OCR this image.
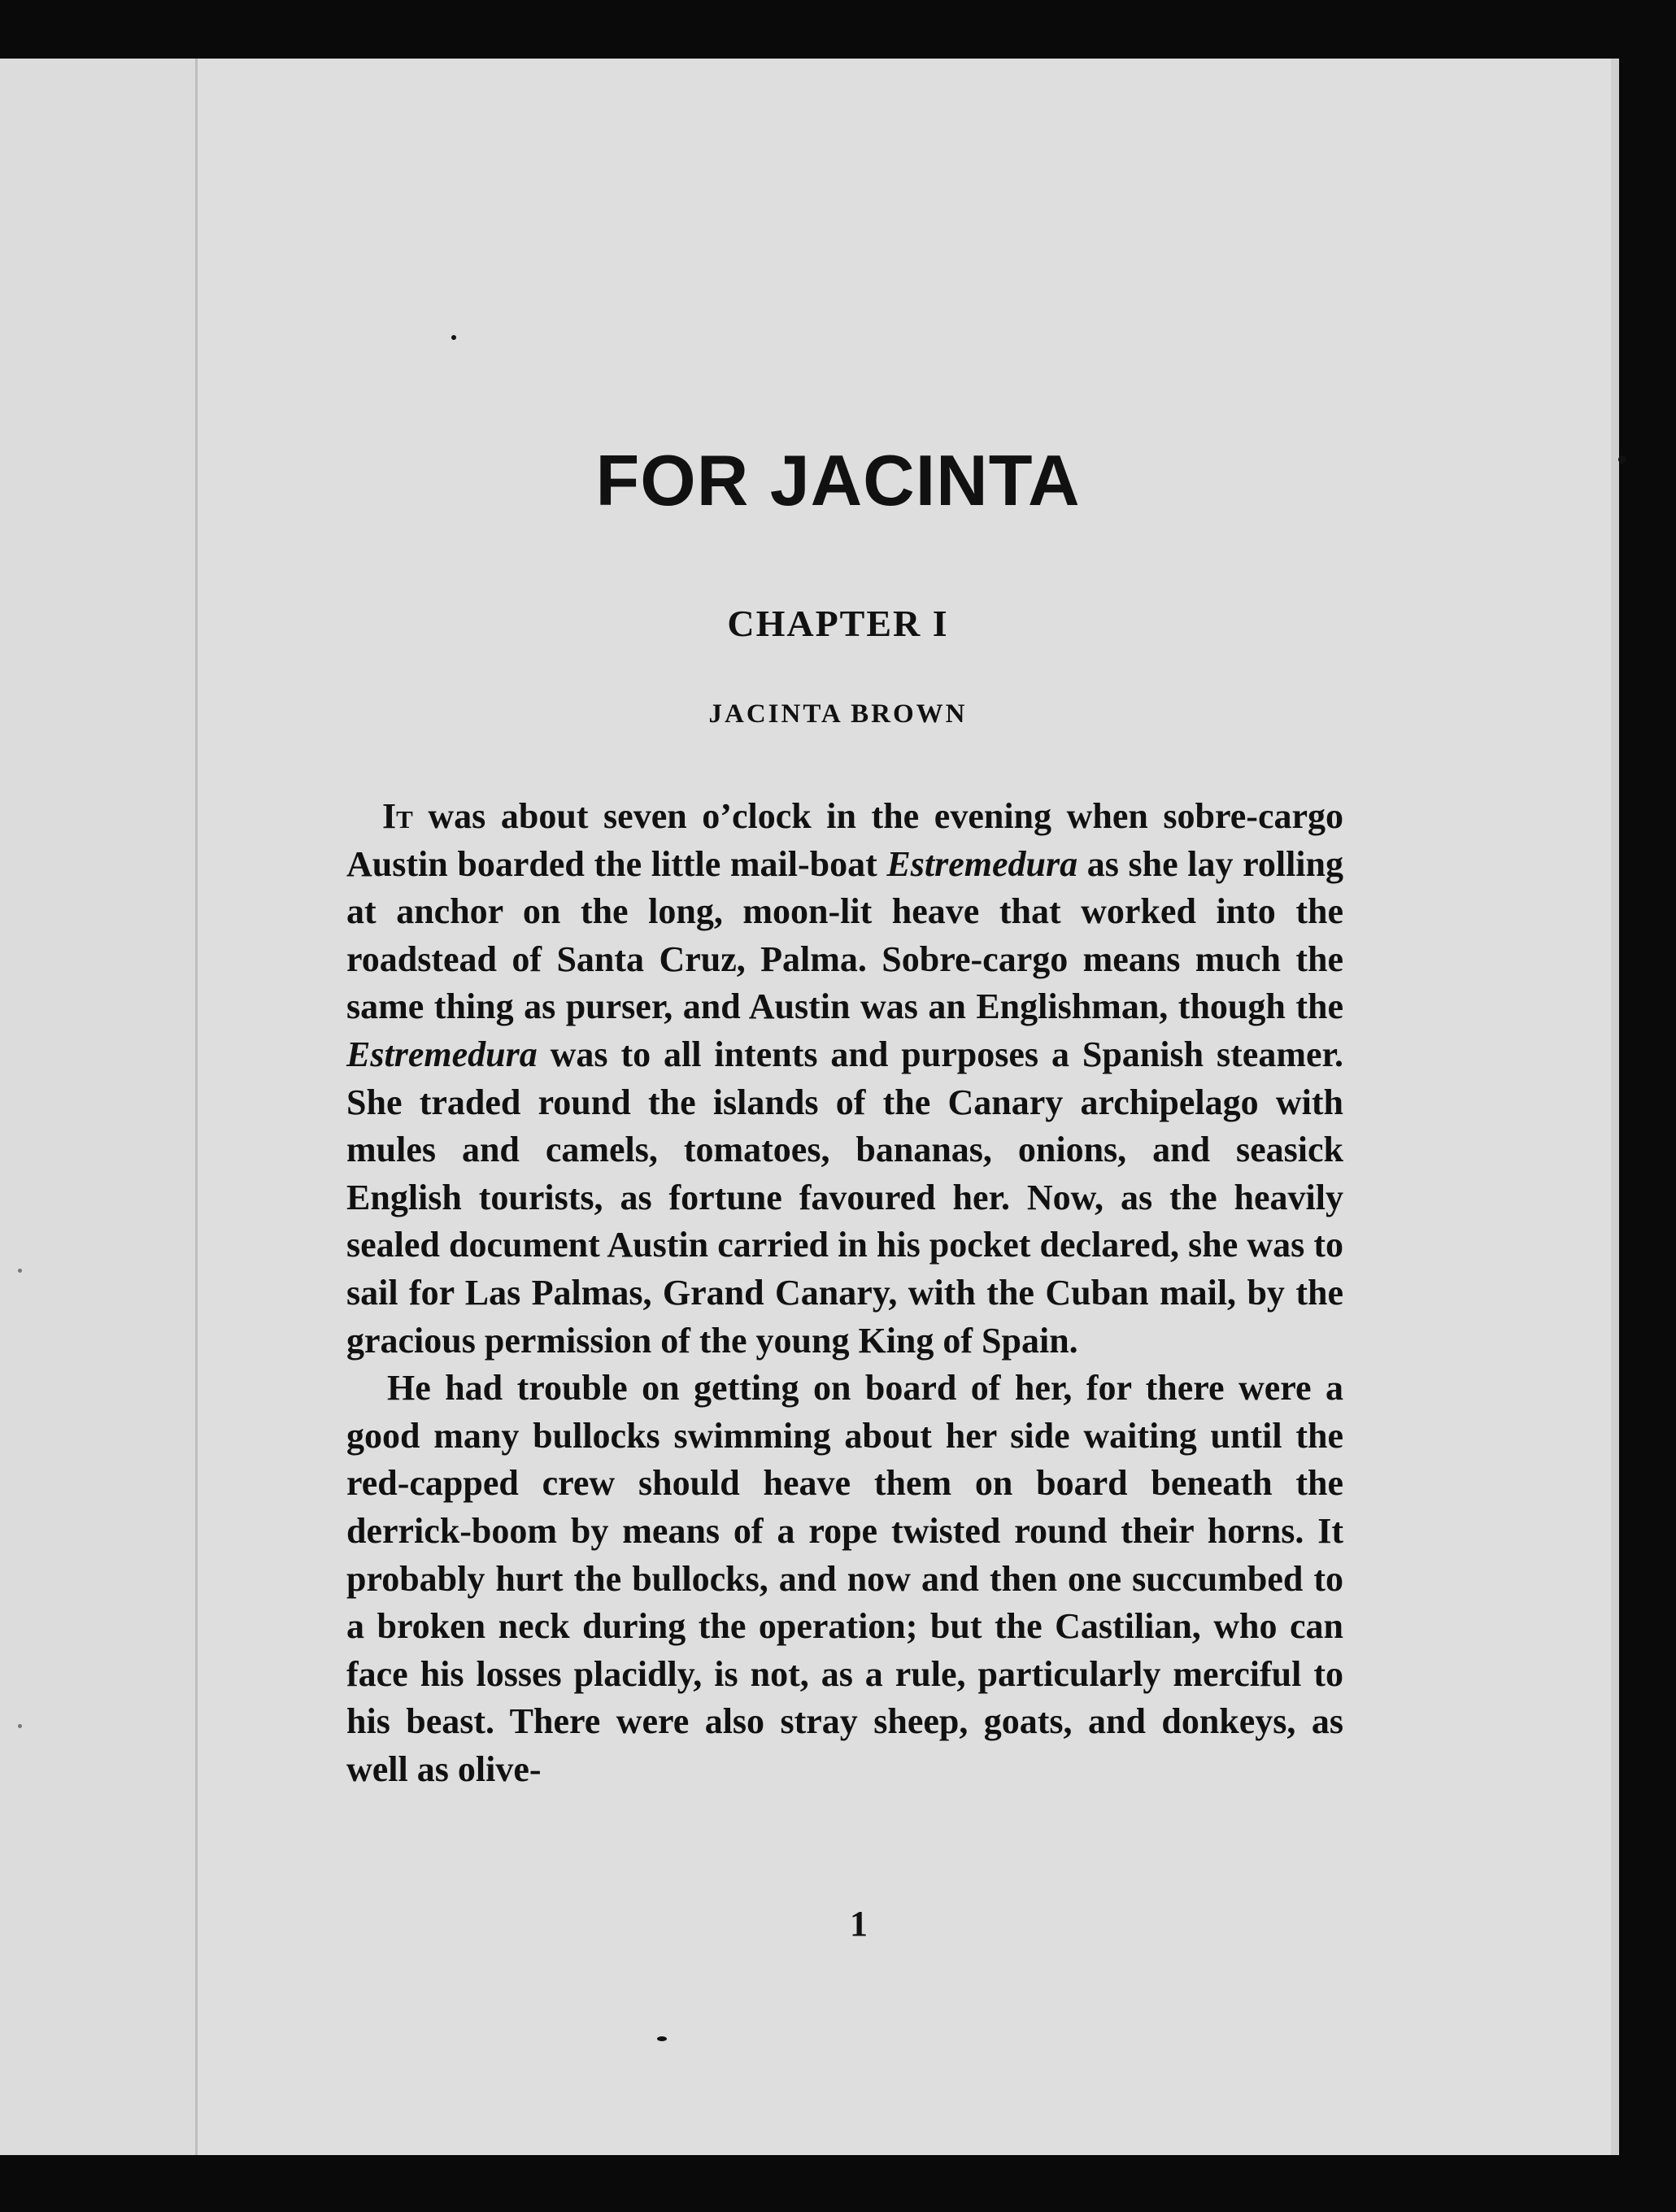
FOR JACINTA
CHAPTER I
JACINTA BROWN

It was about seven o’clock in the evening when sobre-cargo Austin boarded the little mail-boat Estremedura as she lay rolling at anchor on the long, moon-lit heave that worked into the roadstead of Santa Cruz, Palma. Sobre-cargo means much the same thing as purser, and Austin was an Englishman, though the Estremedura was to all intents and purposes a Spanish steamer. She traded round the islands of the Canary archipelago with mules and camels, tomatoes, bananas, onions, and seasick English tourists, as fortune favoured her. Now, as the heavily sealed document Austin carried in his pocket declared, she was to sail for Las Palmas, Grand Canary, with the Cuban mail, by the gracious permission of the young King of Spain.

He had trouble on getting on board of her, for there were a good many bullocks swimming about her side waiting until the red-capped crew should heave them on board beneath the derrick-boom by means of a rope twisted round their horns. It probably hurt the bullocks, and now and then one succumbed to a broken neck during the operation; but the Castilian, who can face his losses placidly, is not, as a rule, particularly merciful to his beast. There were also stray sheep, goats, and donkeys, as well as olive-

1
